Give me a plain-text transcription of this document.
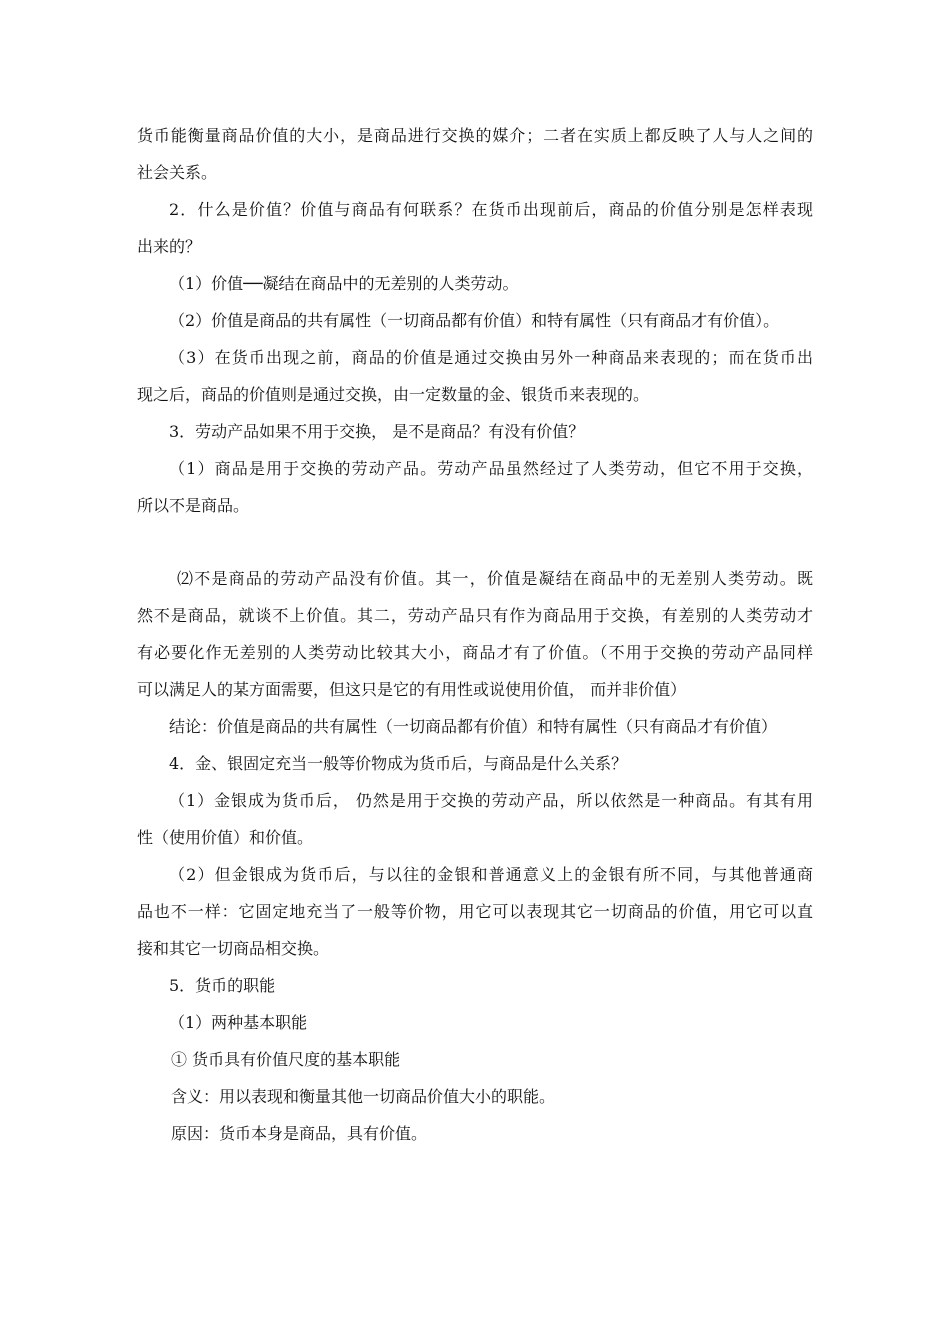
货币能衡量商品价值的大小，是商品进行交换的媒介；二者在实质上都反映了人与人之间的
社会关系。
2．什么是价值？价值与商品有何联系？在货币出现前后，商品的价值分别是怎样表现
出来的？
（1）价值──凝结在商品中的无差别的人类劳动。
（2）价值是商品的共有属性（一切商品都有价值）和特有属性（只有商品才有价值）。
（3）在货币出现之前，商品的价值是通过交换由另外一种商品来表现的；而在货币出
现之后，商品的价值则是通过交换，由一定数量的金、银货币来表现的。
3．劳动产品如果不用于交换， 是不是商品？有没有价值？
（1）商品是用于交换的劳动产品。劳动产品虽然经过了人类劳动，但它不用于交换，
所以不是商品。
⑵不是商品的劳动产品没有价值。其一，价值是凝结在商品中的无差别人类劳动。既
然不是商品，就谈不上价值。其二，劳动产品只有作为商品用于交换，有差别的人类劳动才
有必要化作无差别的人类劳动比较其大小，商品才有了价值。（不用于交换的劳动产品同样
可以满足人的某方面需要，但这只是它的有用性或说使用价值， 而并非价值）
结论：价值是商品的共有属性（一切商品都有价值）和特有属性（只有商品才有价值）
4．金、银固定充当一般等价物成为货币后，与商品是什么关系？
（1）金银成为货币后， 仍然是用于交换的劳动产品，所以依然是一种商品。有其有用
性（使用价值）和价值。
（2）但金银成为货币后，与以往的金银和普通意义上的金银有所不同，与其他普通商
品也不一样：它固定地充当了一般等价物，用它可以表现其它一切商品的价值，用它可以直
接和其它一切商品相交换。
5．货币的职能
（1）两种基本职能
① 货币具有价值尺度的基本职能
含义：用以表现和衡量其他一切商品价值大小的职能。
原因：货币本身是商品，具有价值。
